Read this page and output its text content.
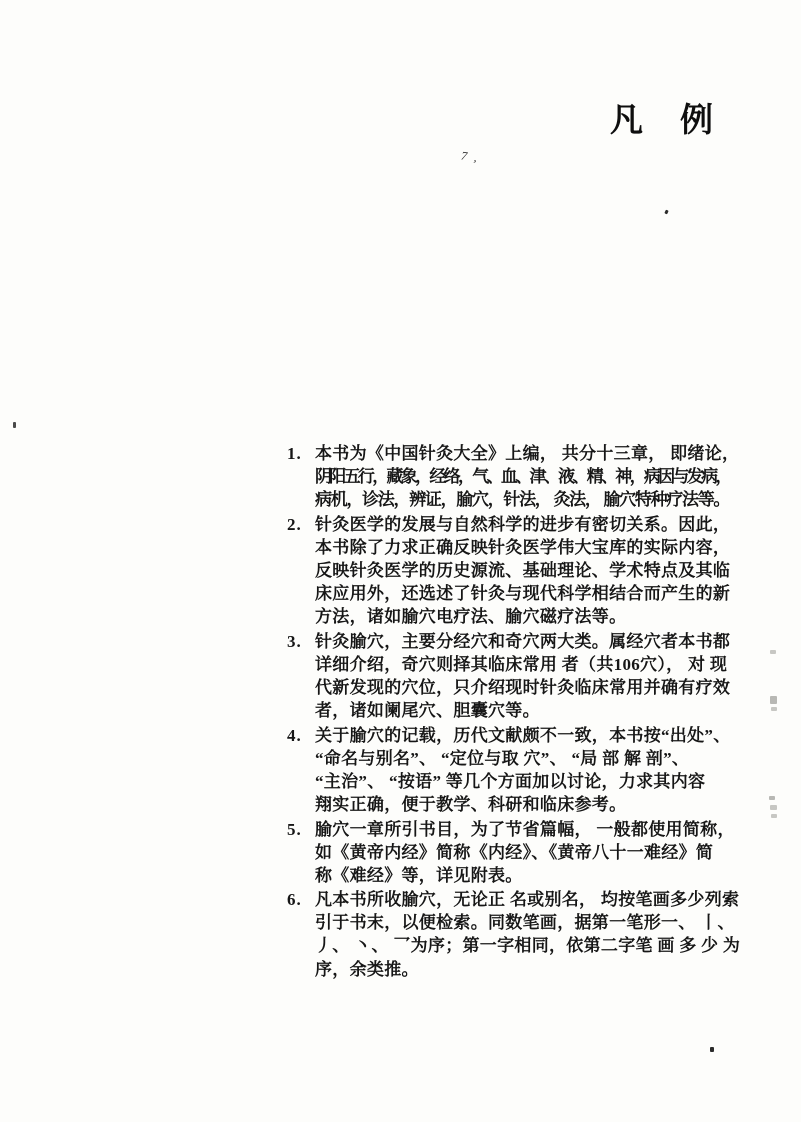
凡　例
7,
1. 本书为《中国针灸大全》上编， 共分十三章， 即绪论，
阴阳五行，藏象，经络，气、血、津、液、精、神，病因与发病，
病机，诊法，辨证，腧穴，针法， 灸法， 腧穴特种疗法等。
2. 针灸医学的发展与自然科学的进步有密切关系。因此，
本书除了力求正确反映针灸医学伟大宝库的实际内容，
反映针灸医学的历史源流、基础理论、学术特点及其临
床应用外，还选述了针灸与现代科学相结合而产生的新
方法，诸如腧穴电疗法、腧穴磁疗法等。
3. 针灸腧穴，主要分经穴和奇穴两大类。属经穴者本书都
详细介绍，奇穴则择其临床常用 者（共106穴）， 对 现
代新发现的穴位，只介绍现时针灸临床常用并确有疗效
者，诸如阑尾穴、胆囊穴等。
4. 关于腧穴的记载，历代文献颇不一致，本书按“出处”、
“命名与别名”、 “定位与取 穴”、 “局 部 解 剖”、
“主治”、 “按语” 等几个方面加以讨论，力求其内容
翔实正确，便于教学、科研和临床参考。
5. 腧穴一章所引书目，为了节省篇幅， 一般都使用简称，
如《黄帝内经》简称《内经》、《黄帝八十一难经》简
称《难经》等，详见附表。
6. 凡本书所收腧穴，无论正 名或别名， 均按笔画多少列索
引于书末，以便检索。同数笔画，据第一笔形一、 丨、
丿、 丶、 乛为序；第一字相同，依第二字笔 画 多 少 为
序，余类推。
